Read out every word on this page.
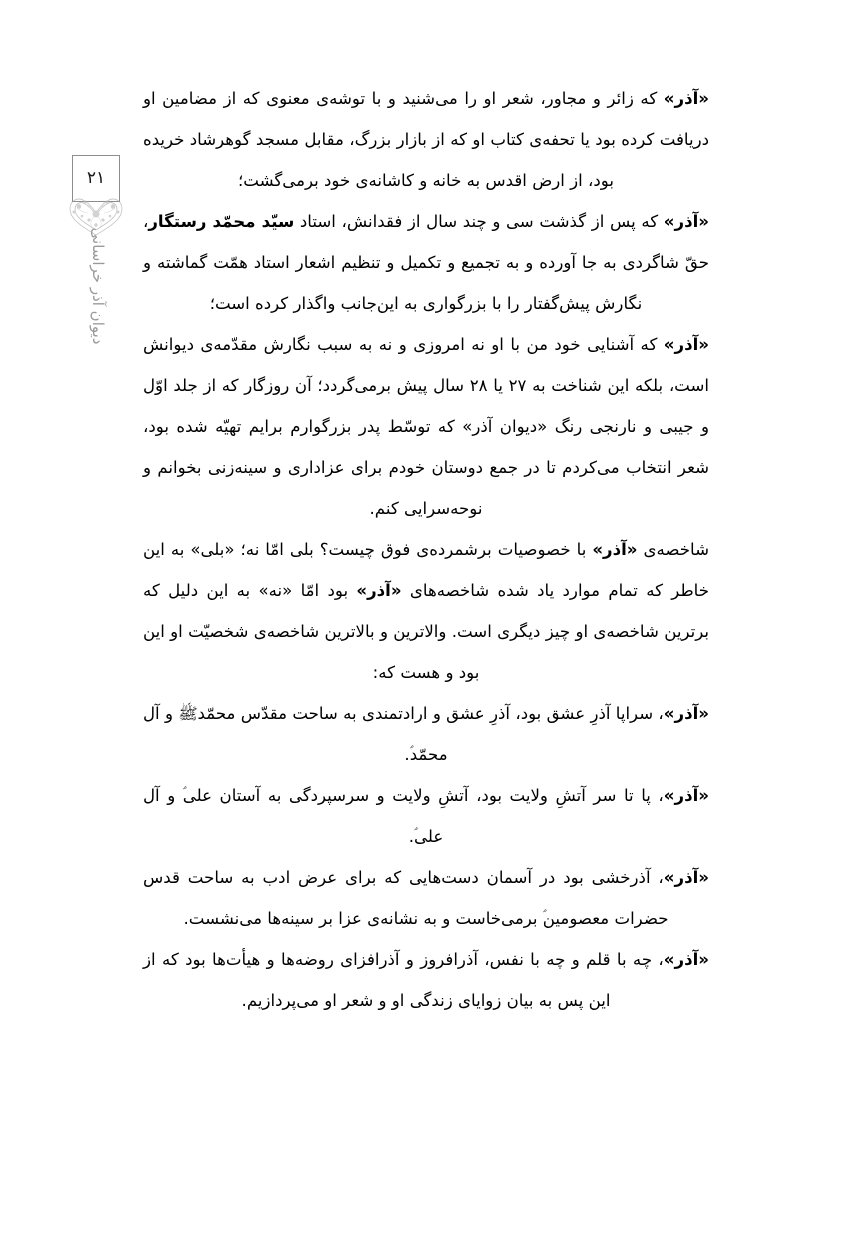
۲۱
دیوان آذر خراسانی

«آذر» که زائر و مجاور، شعر او را می‌شنید و با توشه‌ی معنوی که از مضامین او دریافت کرده بود یا تحفه‌ی کتاب او که از بازار بزرگ، مقابل مسجد گوهرشاد خریده بود، از ارض اقدس به خانه و کاشانه‌ی خود برمی‌گشت؛

«آذر» که پس از گذشت سی و چند سال از فقدانش، استاد سیّد محمّد رستگار، حقّ شاگردی به جا آورده و به تجمیع و تکمیل و تنظیم اشعار استاد همّت گماشته و نگارش پیش‌گفتار را با بزرگواری به این‌جانب واگذار کرده است؛

«آذر» که آشنایی خود من با او نه امروزی و نه به سبب نگارش مقدّمه‌ی دیوانش است، بلکه این شناخت به ۲۷ یا ۲۸ سال پیش برمی‌گردد؛ آن روزگار که از جلد اوّل و جیبی و نارنجی رنگ «دیوان آذر» که توسّط پدر بزرگوارم برایم تهیّه شده بود، شعر انتخاب می‌کردم تا در جمع دوستان خودم برای عزاداری و سینه‌زنی بخوانم و نوحه‌سرایی کنم.

شاخصه‌ی «آذر» با خصوصیات برشمرده‌ی فوق چیست؟ بلی امّا نه؛ «بلی» به این خاطر که تمام موارد یاد شده شاخصه‌های «آذر» بود امّا «نه» به این دلیل که برترین شاخصه‌ی او چیز دیگری است. والاترین و بالاترین شاخصه‌ی شخصیّت او این بود و هست که:

«آذر»، سراپا آذرِ عشق بود، آذرِ عشق و ارادتمندی به ساحت مقدّس محمّدﷺ و آل محمّد.

«آذر»، پا تا سر آتشِ ولایت بود، آتشِ ولایت و سرسپردگی به آستان علی و آل علی.

«آذر»، آذرخشی بود در آسمان دست‌هایی که برای عرض ادب به ساحت قدس حضرات معصومین برمی‌خاست و به نشانه‌ی عزا بر سینه‌ها می‌نشست.

«آذر»، چه با قلم و چه با نفس، آذرافروز و آذرافزای روضه‌ها و هیأت‌ها بود که از این پس به بیان زوایای زندگی او و شعر او می‌پردازیم.
